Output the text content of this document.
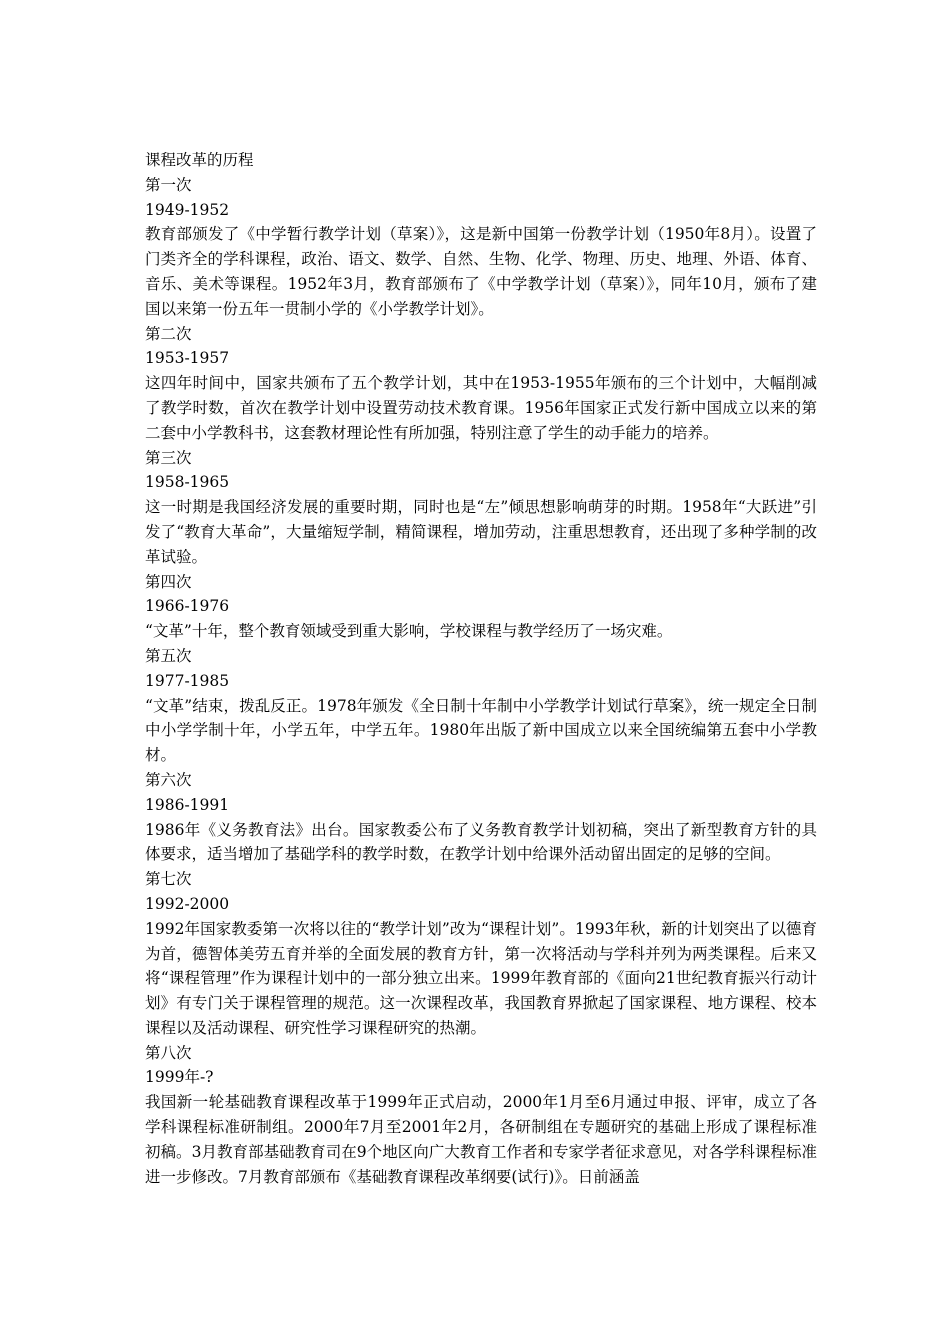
课程改革的历程
第一次
1949-1952
教育部颁发了《中学暂行教学计划（草案）》，这是新中国第一份教学计划（1950年8月）。设置了门类齐全的学科课程，政治、语文、数学、自然、生物、化学、物理、历史、地理、外语、体育、音乐、美术等课程。1952年3月，教育部颁布了《中学教学计划（草案）》，同年10月，颁布了建国以来第一份五年一贯制小学的《小学教学计划》。
第二次
1953-1957
这四年时间中，国家共颁布了五个教学计划，其中在1953-1955年颁布的三个计划中，大幅削减了教学时数，首次在教学计划中设置劳动技术教育课。1956年国家正式发行新中国成立以来的第二套中小学教科书，这套教材理论性有所加强，特别注意了学生的动手能力的培养。
第三次
1958-1965
这一时期是我国经济发展的重要时期，同时也是“左”倾思想影响萌芽的时期。1958年“大跃进”引发了“教育大革命”，大量缩短学制，精简课程，增加劳动，注重思想教育，还出现了多种学制的改革试验。
第四次
1966-1976
“文革”十年，整个教育领域受到重大影响，学校课程与教学经历了一场灾难。
第五次
1977-1985
“文革”结束，拨乱反正。1978年颁发《全日制十年制中小学教学计划试行草案》，统一规定全日制中小学学制十年，小学五年，中学五年。1980年出版了新中国成立以来全国统编第五套中小学教材。
第六次
1986-1991
1986年《义务教育法》出台。国家教委公布了义务教育教学计划初稿，突出了新型教育方针的具体要求，适当增加了基础学科的教学时数，在教学计划中给课外活动留出固定的足够的空间。
第七次
1992-2000
1992年国家教委第一次将以往的“教学计划”改为“课程计划”。1993年秋，新的计划突出了以德育为首，德智体美劳五育并举的全面发展的教育方针，第一次将活动与学科并列为两类课程。后来又将“课程管理”作为课程计划中的一部分独立出来。1999年教育部的《面向21世纪教育振兴行动计划》有专门关于课程管理的规范。这一次课程改革，我国教育界掀起了国家课程、地方课程、校本课程以及活动课程、研究性学习课程研究的热潮。
第八次
1999年-?
我国新一轮基础教育课程改革于1999年正式启动，2000年1月至6月通过申报、评审，成立了各学科课程标准研制组。2000年7月至2001年2月，各研制组在专题研究的基础上形成了课程标准初稿。3月教育部基础教育司在9个地区向广大教育工作者和专家学者征求意见，对各学科课程标准进一步修改。7月教育部颁布《基础教育课程改革纲要(试行)》。日前涵盖
